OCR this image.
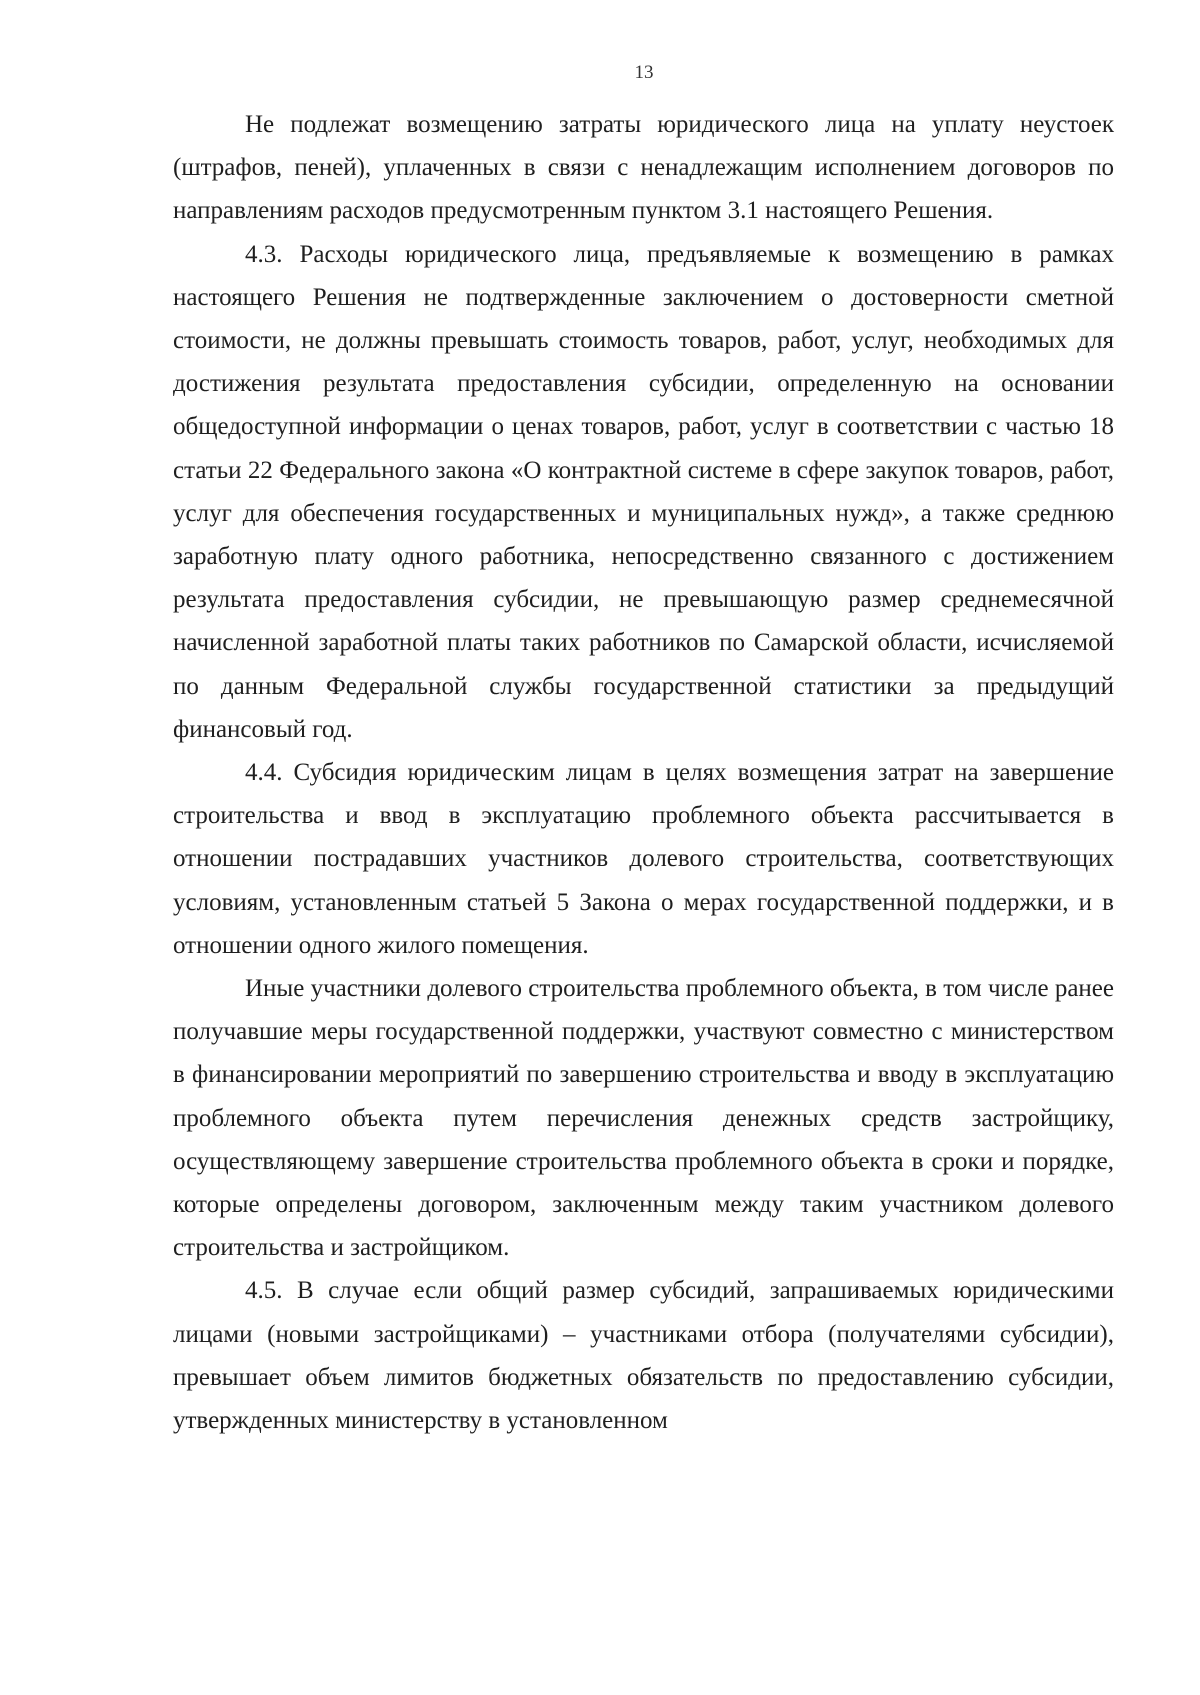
13

Не подлежат возмещению затраты юридического лица на уплату неустоек (штрафов, пеней), уплаченных в связи с ненадлежащим исполнением договоров по направлениям расходов предусмотренным пунктом 3.1 настоящего Решения.

4.3. Расходы юридического лица, предъявляемые к возмещению в рамках настоящего Решения не подтвержденные заключением о достоверности сметной стоимости, не должны превышать стоимость товаров, работ, услуг, необходимых для достижения результата предоставления субсидии, определенную на основании общедоступной информации о ценах товаров, работ, услуг в соответствии с частью 18 статьи 22 Федерального закона «О контрактной системе в сфере закупок товаров, работ, услуг для обеспечения государственных и муниципальных нужд», а также среднюю заработную плату одного работника, непосредственно связанного с достижением результата предоставления субсидии, не превышающую размер среднемесячной начисленной заработной платы таких работников по Самарской области, исчисляемой по данным Федеральной службы государственной статистики за предыдущий финансовый год.

4.4. Субсидия юридическим лицам в целях возмещения затрат на завершение строительства и ввод в эксплуатацию проблемного объекта рассчитывается в отношении пострадавших участников долевого строительства, соответствующих условиям, установленным статьей 5 Закона о мерах государственной поддержки, и в отношении одного жилого помещения.

Иные участники долевого строительства проблемного объекта, в том числе ранее получавшие меры государственной поддержки, участвуют совместно с министерством в финансировании мероприятий по завершению строительства и вводу в эксплуатацию проблемного объекта путем перечисления денежных средств застройщику, осуществляющему завершение строительства проблемного объекта в сроки и порядке, которые определены договором, заключенным между таким участником долевого строительства и застройщиком.

4.5. В случае если общий размер субсидий, запрашиваемых юридическими лицами (новыми застройщиками) – участниками отбора (получателями субсидии), превышает объем лимитов бюджетных обязательств по предоставлению субсидии, утвержденных министерству в установленном
